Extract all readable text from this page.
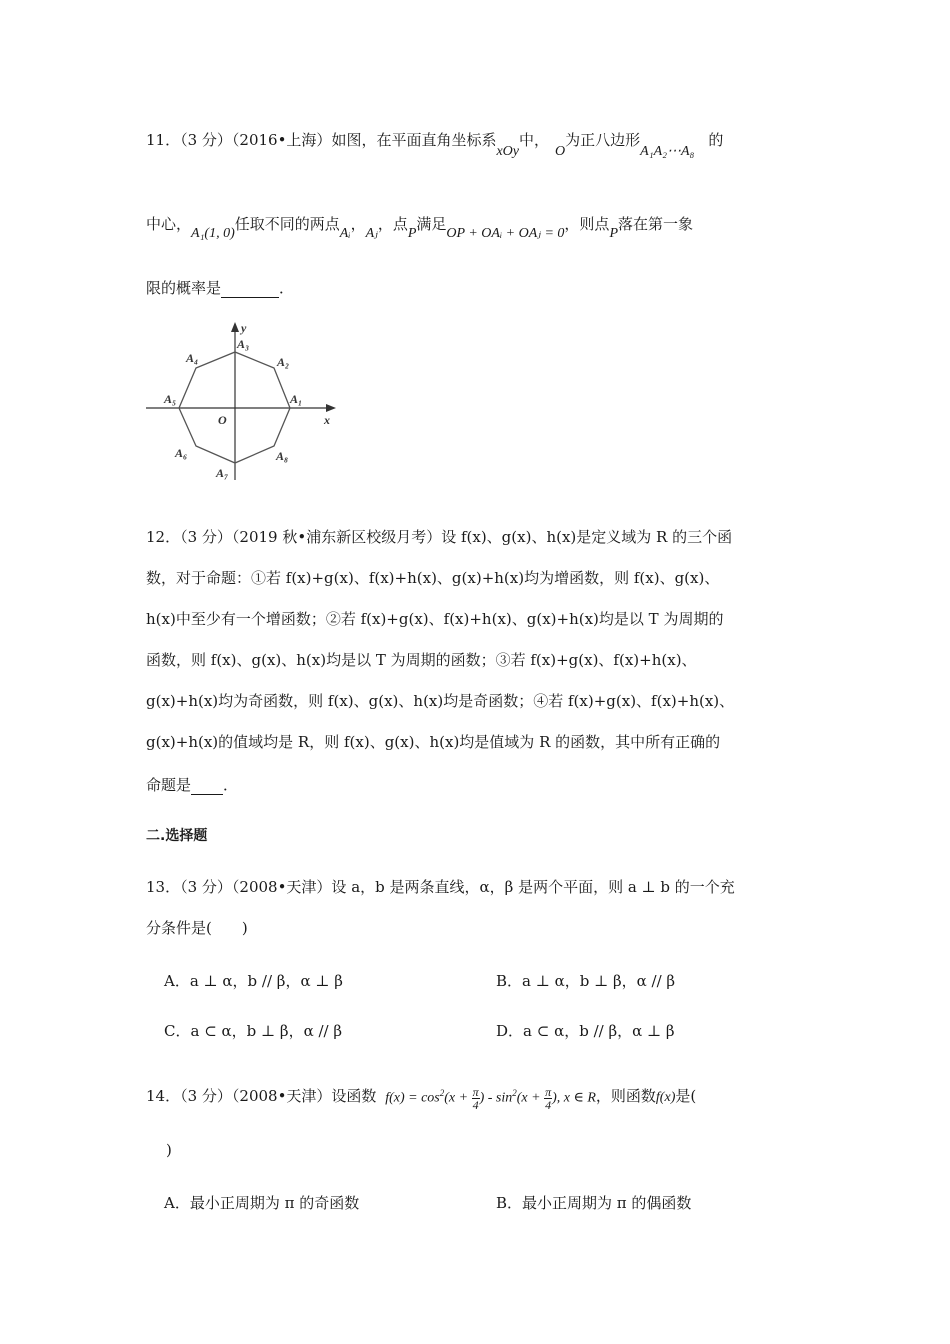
11．（3 分）（2016•上海）如图，在平面直角坐标系xOy中，O为正八边形A₁A₂⋯A₈的
中心，A₁(1, 0)任取不同的两点Aᵢ，Aⱼ，点P满足OP + OAᵢ + OAⱼ = 0，则点P落在第一象
限的概率是	．
y
x
O
A₁
A₂
A₃
A₄
A₅
A₆
A₇
A₈
12．（3 分）（2019 秋•浦东新区校级月考）设 f(x)、g(x)、h(x)是定义域为 R 的三个函
数，对于命题：①若 f(x)+g(x)、f(x)+h(x)、g(x)+h(x)均为增函数，则 f(x)、g(x)、
h(x)中至少有一个增函数；②若 f(x)+g(x)、f(x)+h(x)、g(x)+h(x)均是以 T 为周期的
函数，则 f(x)、g(x)、h(x)均是以 T 为周期的函数；③若 f(x)+g(x)、f(x)+h(x)、
g(x)+h(x)均为奇函数，则 f(x)、g(x)、h(x)均是奇函数；④若 f(x)+g(x)、f(x)+h(x)、
g(x)+h(x)的值域均是 R，则 f(x)、g(x)、h(x)均是值域为 R 的函数，其中所有正确的
命题是 ．
二.选择题
13．（3 分）（2008•天津）设 a，b 是两条直线，α，β 是两个平面，则 a ⊥ b 的一个充
分条件是(　　)
A．a ⊥ α，b // β，α ⊥ β	B．a ⊥ α，b ⊥ β，α // β
C．a ⊂ α，b ⊥ β，α // β	D．a ⊂ α，b // β，α ⊥ β
14．（3 分）（2008•天津）设函数 $f(x) = \cos^2(x + \frac{\pi}{4}$ ) - $\sin^2(x + \frac{\pi}{4}$ ), x ∈ R，则函数f(x)是(
)
A．最小正周期为 π 的奇函数	B．最小正周期为 π 的偶函数
